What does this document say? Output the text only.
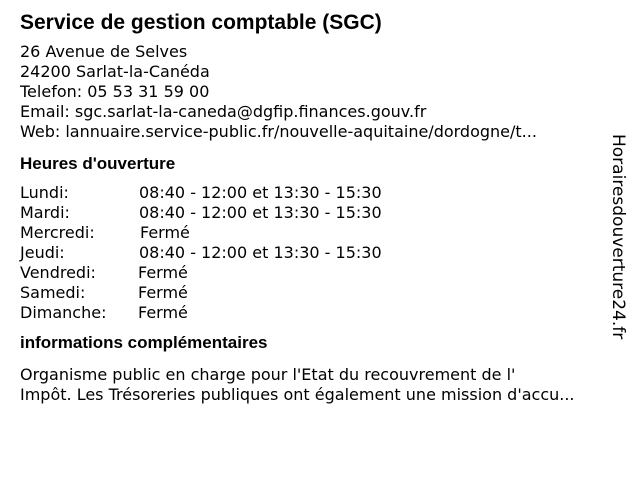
Service de gestion comptable (SGC)
26 Avenue de Selves
24200 Sarlat-la-Canéda
Telefon: 05 53 31 59 00
Email: sgc.sarlat-la-caneda@dgfip.finances.gouv.fr
Web: lannuaire.service-public.fr/nouvelle-aquitaine/dordogne/t...
Heures d'ouverture
Lundi:	08:40 - 12:00 et 13:30 - 15:30
Mardi:	08:40 - 12:00 et 13:30 - 15:30
Mercredi:	Fermé
Jeudi:	08:40 - 12:00 et 13:30 - 15:30
Vendredi:	Fermé
Samedi:	Fermé
Dimanche: Fermé
informations complémentaires
Organisme public en charge pour l'Etat du recouvrement de l'
Impôt. Les Trésoreries publiques ont également une mission d'accu...
Horairesdouverture24.fr
